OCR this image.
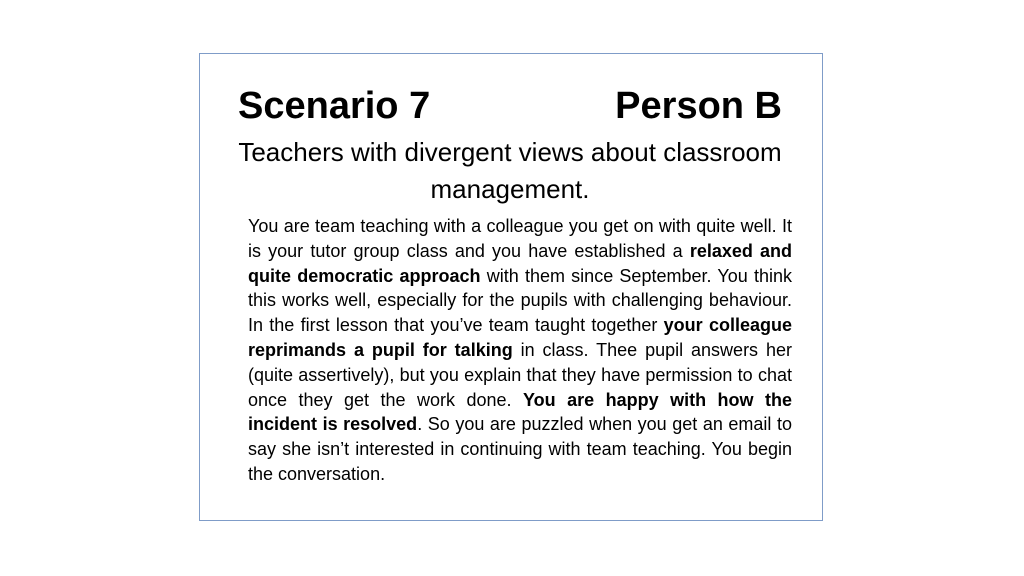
Scenario 7	Person B
Teachers with divergent views about classroom management.
You are team teaching with a colleague you get on with quite well. It is your tutor group class and you have established a relaxed and quite democratic approach with them since September. You think this works well, especially for the pupils with challenging behaviour. In the first lesson that you’ve team taught together your colleague reprimands a pupil for talking in class. Thee pupil answers her (quite assertively), but you explain that they have permission to chat once they get the work done. You are happy with how the incident is resolved. So you are puzzled when you get an email to say she isn’t interested in continuing with team teaching. You begin the conversation.
